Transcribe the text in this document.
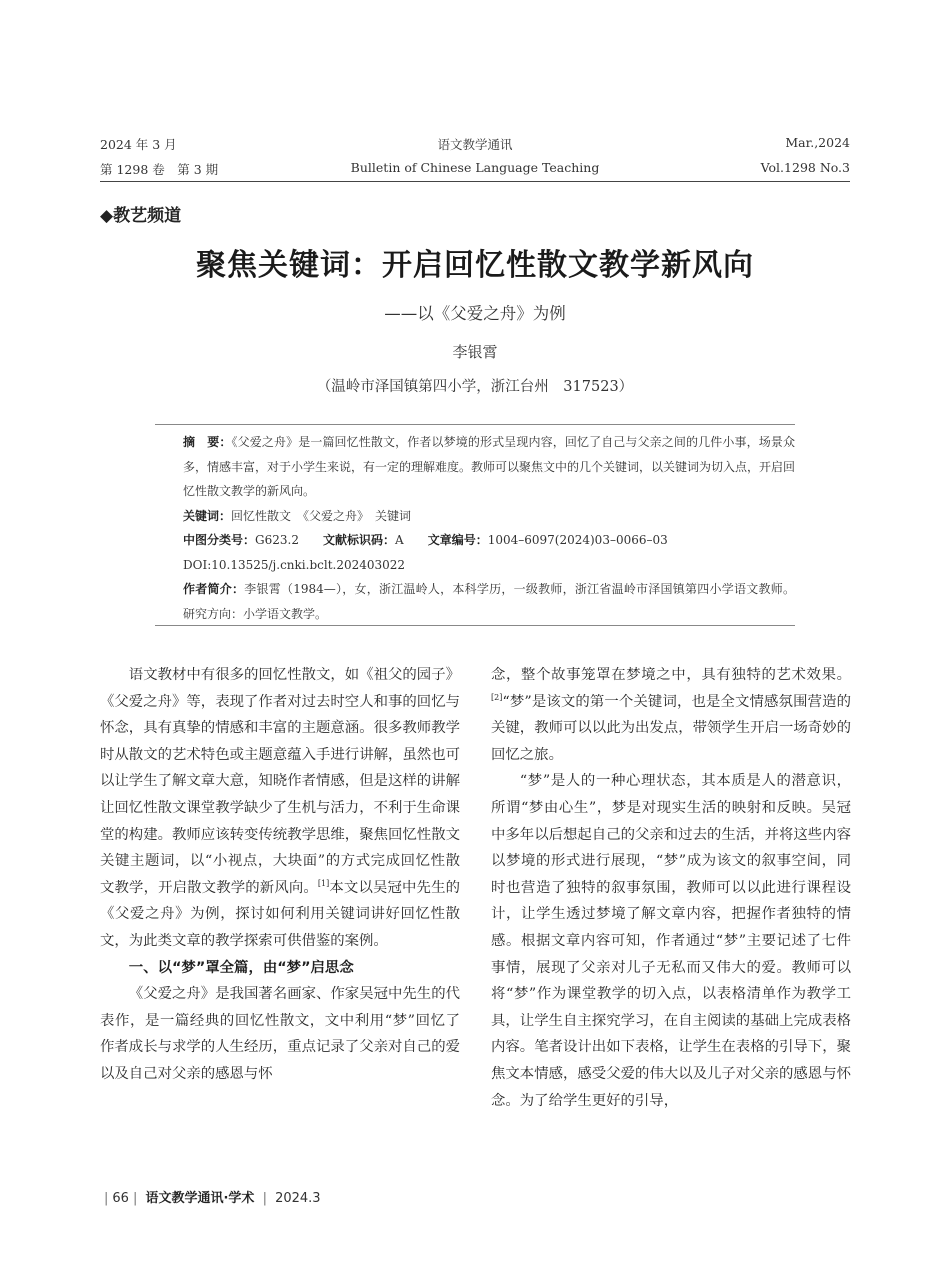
2024 年 3 月
第 1298 卷　第 3 期
语文教学通讯
Bulletin of Chinese Language Teaching
Mar.,2024
Vol.1298 No.3
◆教艺频道
聚焦关键词：开启回忆性散文教学新风向
——以《父爱之舟》为例
李银霄
（温岭市泽国镇第四小学，浙江台州　317523）

摘　要：《父爱之舟》是一篇回忆性散文，作者以梦境的形式呈现内容，回忆了自己与父亲之间的几件小事，场景众多，情感丰富，对于小学生来说，有一定的理解难度。教师可以聚焦文中的几个关键词，以关键词为切入点，开启回忆性散文教学的新风向。

关键词：回忆性散文　《父爱之舟》　关键词

中图分类号：G623.2　　文献标识码：A　　文章编号：1004–6097(2024)03–0066–03

DOI:10.13525/j.cnki.bclt.202403022

作者简介：李银霄（1984—），女，浙江温岭人，本科学历，一级教师，浙江省温岭市泽国镇第四小学语文教师。研究方向：小学语文教学。

语文教材中有很多的回忆性散文，如《祖父的园子》《父爱之舟》等，表现了作者对过去时空人和事的回忆与怀念，具有真挚的情感和丰富的主题意涵。很多教师教学时从散文的艺术特色或主题意蕴入手进行讲解，虽然也可以让学生了解文章大意，知晓作者情感，但是这样的讲解让回忆性散文课堂教学缺少了生机与活力，不利于生命课堂的构建。教师应该转变传统教学思维，聚焦回忆性散文关键主题词，以“小视点，大块面”的方式完成回忆性散文教学，开启散文教学的新风向。[1]本文以吴冠中先生的《父爱之舟》为例，探讨如何利用关键词讲好回忆性散文，为此类文章的教学探索可供借鉴的案例。

一、以“梦”罩全篇，由“梦”启思念

《父爱之舟》是我国著名画家、作家吴冠中先生的代表作，是一篇经典的回忆性散文，文中利用“梦”回忆了作者成长与求学的人生经历，重点记录了父亲对自己的爱以及自己对父亲的感恩与怀

念，整个故事笼罩在梦境之中，具有独特的艺术效果。[2]“梦”是该文的第一个关键词，也是全文情感氛围营造的关键，教师可以以此为出发点，带领学生开启一场奇妙的回忆之旅。

“梦”是人的一种心理状态，其本质是人的潜意识，所谓“梦由心生”，梦是对现实生活的映射和反映。吴冠中多年以后想起自己的父亲和过去的生活，并将这些内容以梦境的形式进行展现，“梦”成为该文的叙事空间，同时也营造了独特的叙事氛围，教师可以以此进行课程设计，让学生透过梦境了解文章内容，把握作者独特的情感。根据文章内容可知，作者通过“梦”主要记述了七件事情，展现了父亲对儿子无私而又伟大的爱。教师可以将“梦”作为课堂教学的切入点，以表格清单作为教学工具，让学生自主探究学习，在自主阅读的基础上完成表格内容。笔者设计出如下表格，让学生在表格的引导下，聚焦文本情感，感受父爱的伟大以及儿子对父亲的感恩与怀念。为了给学生更好的引导，

| 66 | 语文教学通讯·学术 | 2024.3
